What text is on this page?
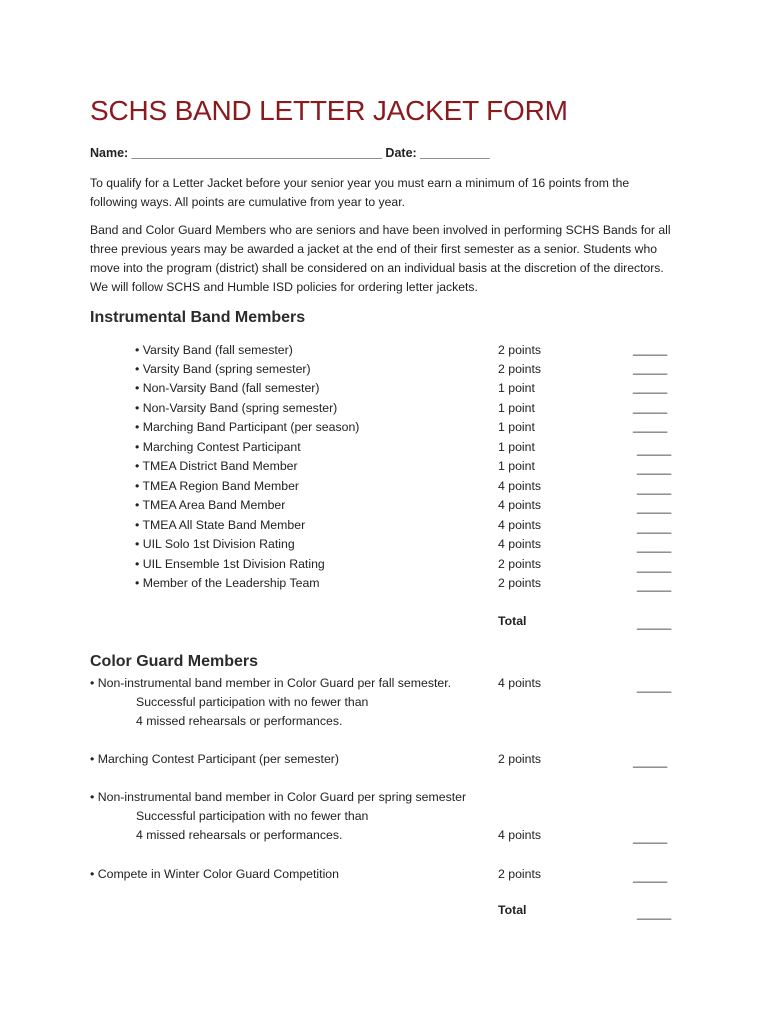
SCHS BAND LETTER JACKET FORM
Name: ____________________________________ Date: __________
To qualify for a Letter Jacket before your senior year you must earn a minimum of 16 points from the following ways. All points are cumulative from year to year.
Band and Color Guard Members who are seniors and have been involved in performing SCHS Bands for all three previous years may be awarded a jacket at the end of their first semester as a senior. Students who move into the program (district) shall be considered on an individual basis at the discretion of the directors. We will follow SCHS and Humble ISD policies for ordering letter jackets.
Instrumental Band Members
• Varsity Band (fall semester)	2 points	_____
• Varsity Band (spring semester)	2 points	_____
• Non-Varsity Band (fall semester)	1 point	_____
• Non-Varsity Band (spring semester)	1 point	_____
• Marching Band Participant (per season)	1 point	_____
• Marching Contest Participant	1 point	_____
• TMEA District Band Member	1 point	_____
• TMEA Region Band Member	4 points	_____
• TMEA Area Band Member	4 points	_____
• TMEA All State Band Member	4 points	_____
• UIL Solo 1st Division Rating	4 points	_____
• UIL Ensemble 1st Division Rating	2 points	_____
• Member of the Leadership Team	2 points	_____
Total	_____
Color Guard Members
• Non-instrumental band member in Color Guard per fall semester.
Successful participation with no fewer than
4 missed rehearsals or performances.
4 points	_____
• Marching Contest Participant (per semester)	2 points	_____
• Non-instrumental band member in Color Guard per spring semester
Successful participation with no fewer than
4 missed rehearsals or performances.	4 points	_____
• Compete in Winter Color Guard Competition	2 points	_____
Total	_____
